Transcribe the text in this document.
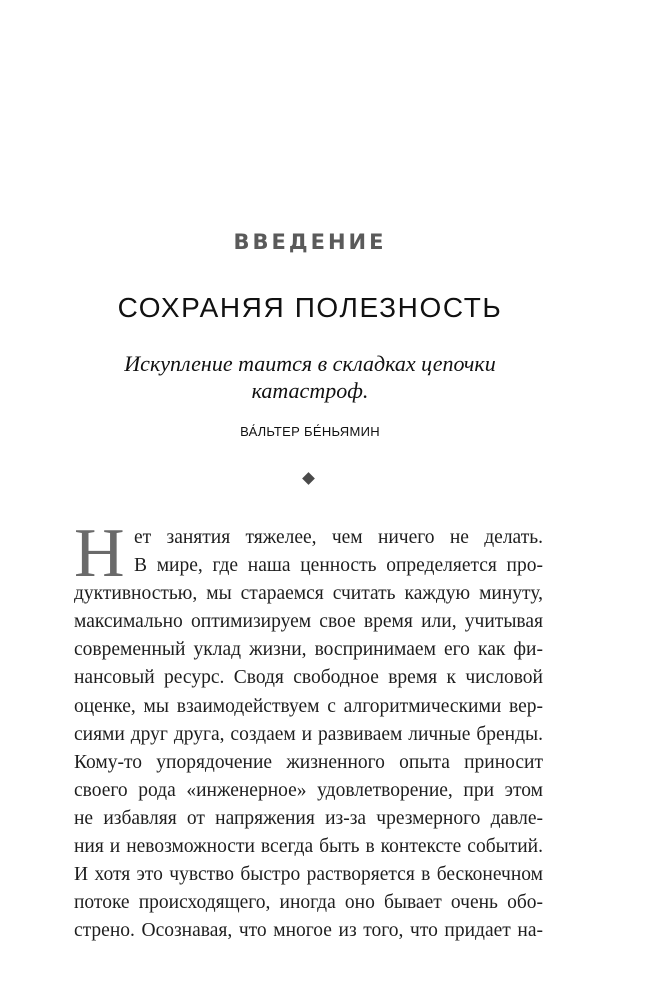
ВВЕДЕНИЕ
СОХРАНЯЯ ПОЛЕЗНОСТЬ
Искупление таится в складках цепочки
катастроф.
ВА́ЛЬТЕР БЕ́НЬЯМИН
Н ет занятия тяжелее, чем ничего не делать.
В мире, где наша ценность определяется про-
дуктивностью, мы стараемся считать каждую минуту,
максимально оптимизируем свое время или, учитывая
современный уклад жизни, воспринимаем его как фи-
нансовый ресурс. Сводя свободное время к числовой
оценке, мы взаимодействуем с алгоритмическими вер-
сиями друг друга, создаем и развиваем личные бренды.
Кому-то упорядочение жизненного опыта приносит
своего рода «инженерное» удовлетворение, при этом
не избавляя от напряжения из-за чрезмерного давле-
ния и невозможности всегда быть в контексте событий.
И хотя это чувство быстро растворяется в бесконечном
потоке происходящего, иногда оно бывает очень обо-
стрено. Осознавая, что многое из того, что придает на-
